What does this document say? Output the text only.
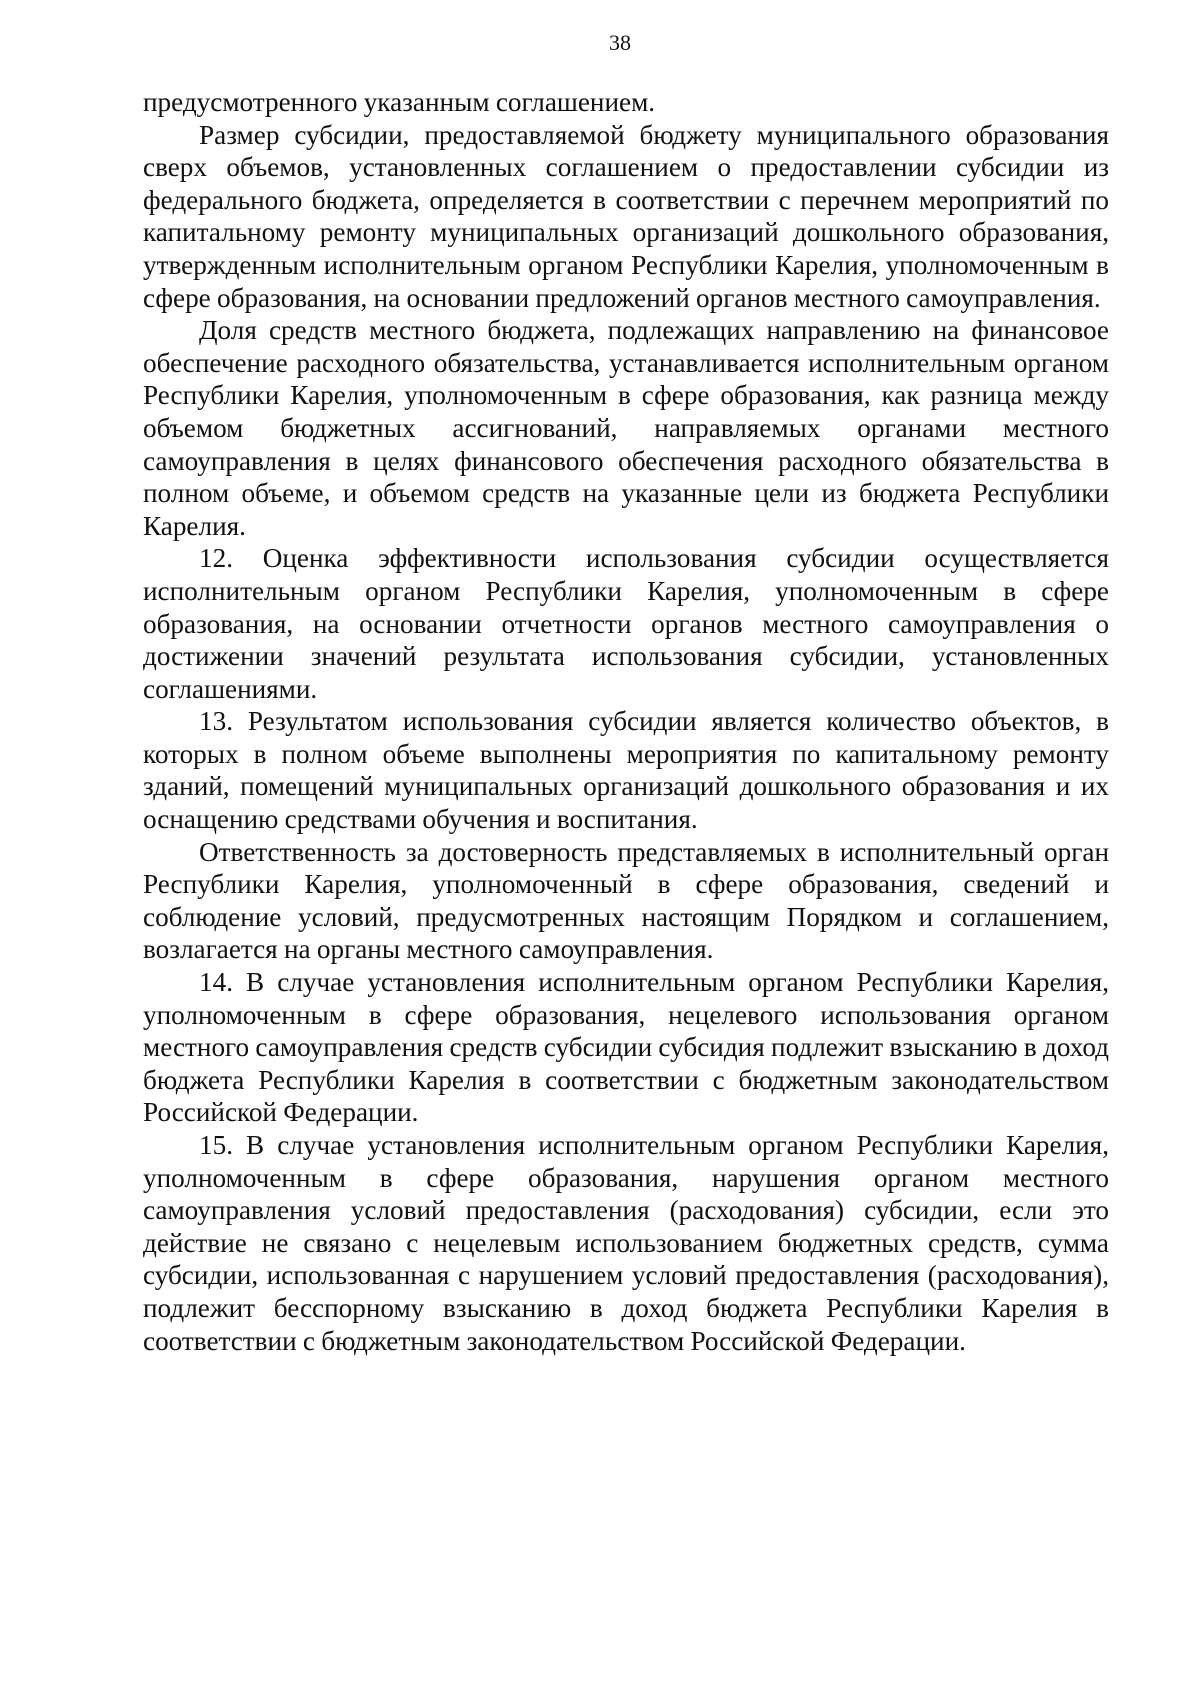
38

предусмотренного указанным соглашением.

Размер субсидии, предоставляемой бюджету муниципального образования сверх объемов, установленных соглашением о предоставлении субсидии из федерального бюджета, определяется в соответствии с перечнем мероприятий по капитальному ремонту муниципальных организаций дошкольного образования, утвержденным исполнительным органом Республики Карелия, уполномоченным в сфере образования, на основании предложений органов местного самоуправления.

Доля средств местного бюджета, подлежащих направлению на финансовое обеспечение расходного обязательства, устанавливается исполнительным органом Республики Карелия, уполномоченным в сфере образования, как разница между объемом бюджетных ассигнований, направляемых органами местного самоуправления в целях финансового обеспечения расходного обязательства в полном объеме, и объемом средств на указанные цели из бюджета Республики Карелия.

12. Оценка эффективности использования субсидии осуществляется исполнительным органом Республики Карелия, уполномоченным в сфере образования, на основании отчетности органов местного самоуправления о достижении значений результата использования субсидии, установленных соглашениями.

13. Результатом использования субсидии является количество объектов, в которых в полном объеме выполнены мероприятия по капитальному ремонту зданий, помещений муниципальных организаций дошкольного образования и их оснащению средствами обучения и воспитания.

Ответственность за достоверность представляемых в исполнительный орган Республики Карелия, уполномоченный в сфере образования, сведений и соблюдение условий, предусмотренных настоящим Порядком и соглашением, возлагается на органы местного самоуправления.

14. В случае установления исполнительным органом Республики Карелия, уполномоченным в сфере образования, нецелевого использования органом местного самоуправления средств субсидии субсидия подлежит взысканию в доход бюджета Республики Карелия в соответствии с бюджетным законодательством Российской Федерации.

15. В случае установления исполнительным органом Республики Карелия, уполномоченным в сфере образования, нарушения органом местного самоуправления условий предоставления (расходования) субсидии, если это действие не связано с нецелевым использованием бюджетных средств, сумма субсидии, использованная с нарушением условий предоставления (расходования), подлежит бесспорному взысканию в доход бюджета Республики Карелия в соответствии с бюджетным законодательством Российской Федерации.
